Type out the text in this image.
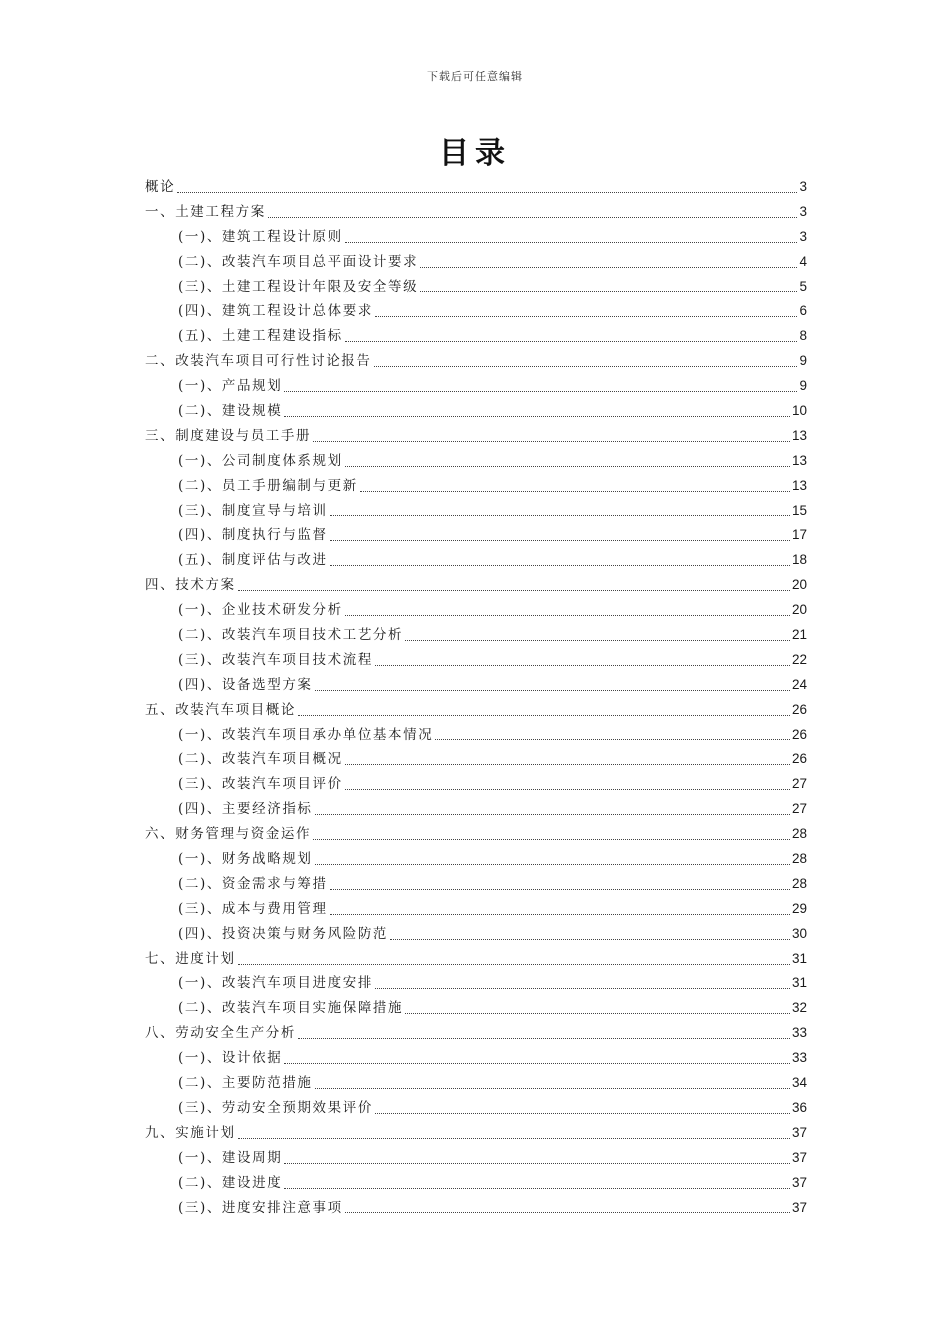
下载后可任意编辑
目录
概论	3
一、土建工程方案	3
(一)、建筑工程设计原则	3
(二)、改装汽车项目总平面设计要求	4
(三)、土建工程设计年限及安全等级	5
(四)、建筑工程设计总体要求	6
(五)、土建工程建设指标	8
二、改装汽车项目可行性讨论报告	9
(一)、产品规划	9
(二)、建设规模	10
三、制度建设与员工手册	13
(一)、公司制度体系规划	13
(二)、员工手册编制与更新	13
(三)、制度宣导与培训	15
(四)、制度执行与监督	17
(五)、制度评估与改进	18
四、技术方案	20
(一)、企业技术研发分析	20
(二)、改装汽车项目技术工艺分析	21
(三)、改装汽车项目技术流程	22
(四)、设备选型方案	24
五、改装汽车项目概论	26
(一)、改装汽车项目承办单位基本情况	26
(二)、改装汽车项目概况	26
(三)、改装汽车项目评价	27
(四)、主要经济指标	27
六、财务管理与资金运作	28
(一)、财务战略规划	28
(二)、资金需求与筹措	28
(三)、成本与费用管理	29
(四)、投资决策与财务风险防范	30
七、进度计划	31
(一)、改装汽车项目进度安排	31
(二)、改装汽车项目实施保障措施	32
八、劳动安全生产分析	33
(一)、设计依据	33
(二)、主要防范措施	34
(三)、劳动安全预期效果评价	36
九、实施计划	37
(一)、建设周期	37
(二)、建设进度	37
(三)、进度安排注意事项	37
